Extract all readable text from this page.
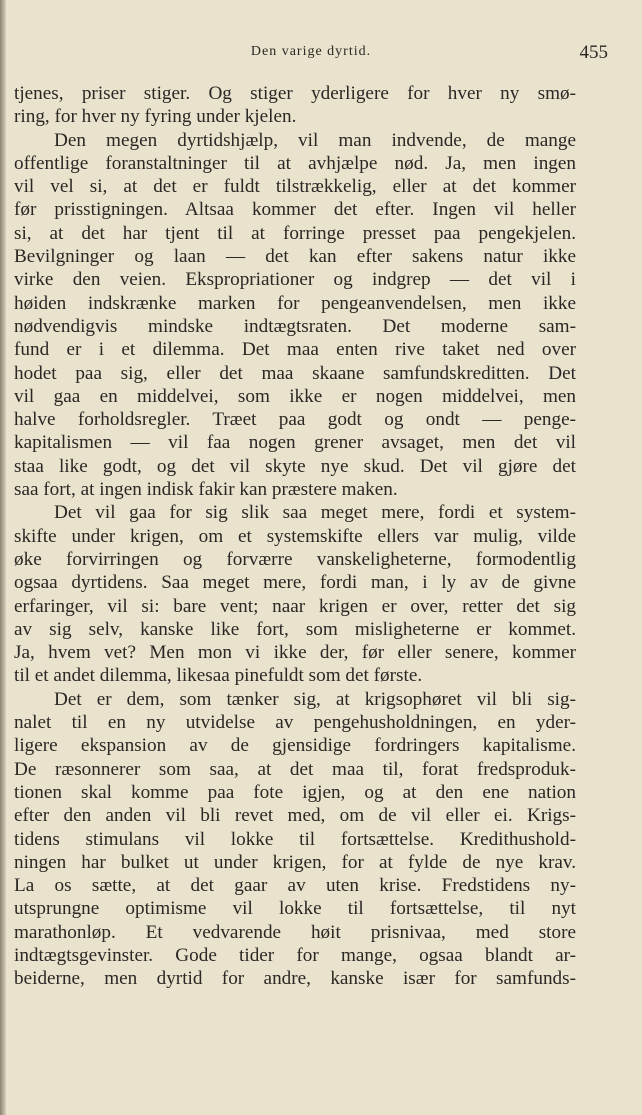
Den varige dyrtid.	455
tjenes, priser stiger. Og stiger yderligere for hver ny smø-
ring, for hver ny fyring under kjelen.
Den megen dyrtidshjælp, vil man indvende, de mange
offentlige foranstaltninger til at avhjælpe nød. Ja, men ingen
vil vel si, at det er fuldt tilstrækkelig, eller at det kommer
før prisstigningen. Altsaa kommer det efter. Ingen vil heller
si, at det har tjent til at forringe presset paa pengekjelen.
Bevilgninger og laan — det kan efter sakens natur ikke
virke den veien. Ekspropriationer og indgrep — det vil i
høiden indskrænke marken for pengeanvendelsen, men ikke
nødvendigvis mindske indtægtsraten. Det moderne sam-
fund er i et dilemma. Det maa enten rive taket ned over
hodet paa sig, eller det maa skaane samfundskreditten. Det
vil gaa en middelvei, som ikke er nogen middelvei, men
halve forholdsregler. Træet paa godt og ondt — penge-
kapitalismen — vil faa nogen grener avsaget, men det vil
staa like godt, og det vil skyte nye skud. Det vil gjøre det
saa fort, at ingen indisk fakir kan præstere maken.
Det vil gaa for sig slik saa meget mere, fordi et system-
skifte under krigen, om et systemskifte ellers var mulig, vilde
øke forvirringen og forværre vanskeligheterne, formodentlig
ogsaa dyrtidens. Saa meget mere, fordi man, i ly av de givne
erfaringer, vil si: bare vent; naar krigen er over, retter det sig
av sig selv, kanske like fort, som misligheterne er kommet.
Ja, hvem vet? Men mon vi ikke der, før eller senere, kommer
til et andet dilemma, likesaa pinefuldt som det første.
Det er dem, som tænker sig, at krigsophøret vil bli sig-
nalet til en ny utvidelse av pengehusholdningen, en yder-
ligere ekspansion av de gjensidige fordringers kapitalisme.
De ræsonnerer som saa, at det maa til, forat fredsproduk-
tionen skal komme paa fote igjen, og at den ene nation
efter den anden vil bli revet med, om de vil eller ei. Krigs-
tidens stimulans vil lokke til fortsættelse. Kredithushold-
ningen har bulket ut under krigen, for at fylde de nye krav.
La os sætte, at det gaar av uten krise. Fredstidens ny-
utsprungne optimisme vil lokke til fortsættelse, til nyt
marathonløp. Et vedvarende høit prisnivaa, med store
indtægtsgevinster. Gode tider for mange, ogsaa blandt ar-
beiderne, men dyrtid for andre, kanske især for samfunds-
